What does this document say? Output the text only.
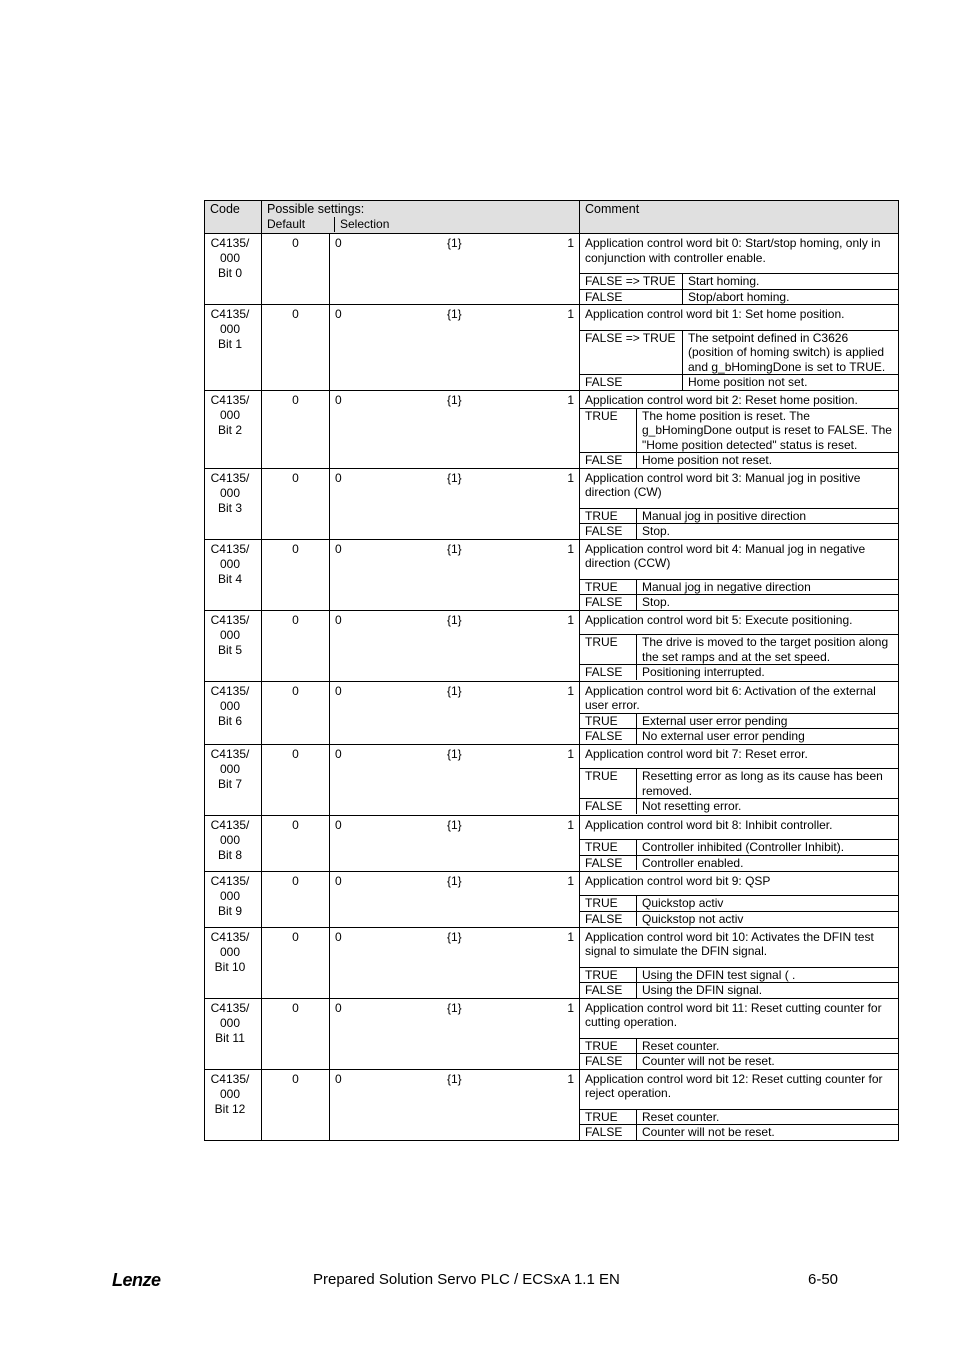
Code	Possible settings:
Default	Selection

Comment

C4135/
000
Bit 0
	0	0	{1}	1	Application control word bit 0: Start/stop homing, only in conjunction with controller enable.
FALSE => TRUE	Start homing.
FALSE	Stop/abort homing.

C4135/
000
Bit 1
	0	0	{1}	1	Application control word bit 1: Set home position.
FALSE => TRUE	The setpoint defined in C3626 (position of homing switch) is applied and g_bHomingDone is set to TRUE.
FALSE	Home position not set.

C4135/
000
Bit 2
	0	0	{1}	1	Application control word bit 2: Reset home position.
TRUE	The home position is reset. The g_bHomingDone output is reset to FALSE. The "Home position detected" status is reset.
FALSE	Home position not reset.

C4135/
000
Bit 3
	0	0	{1}	1	Application control word bit 3: Manual jog in positive direction (CW)
TRUE	Manual jog in positive direction
FALSE	Stop.

C4135/
000
Bit 4
	0	0	{1}	1	Application control word bit 4: Manual jog in negative direction (CCW)
TRUE	Manual jog in negative direction
FALSE	Stop.

C4135/
000
Bit 5
	0	0	{1}	1	Application control word bit 5: Execute positioning.
TRUE	The drive is moved to the target position along the set ramps and at the set speed.
FALSE	Positioning interrupted.

C4135/
000
Bit 6
	0	0	{1}	1	Application control word bit 6: Activation of the external user error.
TRUE	External user error pending
FALSE	No external user error pending

C4135/
000
Bit 7
	0	0	{1}	1	Application control word bit 7: Reset error.
TRUE	Resetting error as long as its cause has been removed.
FALSE	Not resetting error.

C4135/
000
Bit 8
	0	0	{1}	1	Application control word bit 8: Inhibit controller.
TRUE	Controller inhibited (Controller Inhibit).
FALSE	Controller enabled.

C4135/
000
Bit 9
	0	0	{1}	1	Application control word bit 9: QSP
TRUE	Quickstop activ
FALSE	Quickstop not activ

C4135/
000
Bit 10
	0	0	{1}	1	Application control word bit 10: Activates the DFIN test signal to simulate the DFIN signal.
TRUE	Using the DFIN test signal ( .
FALSE	Using the DFIN signal.

C4135/
000
Bit 11
	0	0	{1}	1	Application control word bit 11: Reset cutting counter for cutting operation.
TRUE	Reset counter.
FALSE	Counter will not be reset.

C4135/
000
Bit 12
	0	0	{1}	1	Application control word bit 12: Reset cutting counter for reject operation.
TRUE	Reset counter.
FALSE	Counter will not be reset.
Lenze	Prepared Solution Servo PLC / ECSxA 1.1 EN	6-50
